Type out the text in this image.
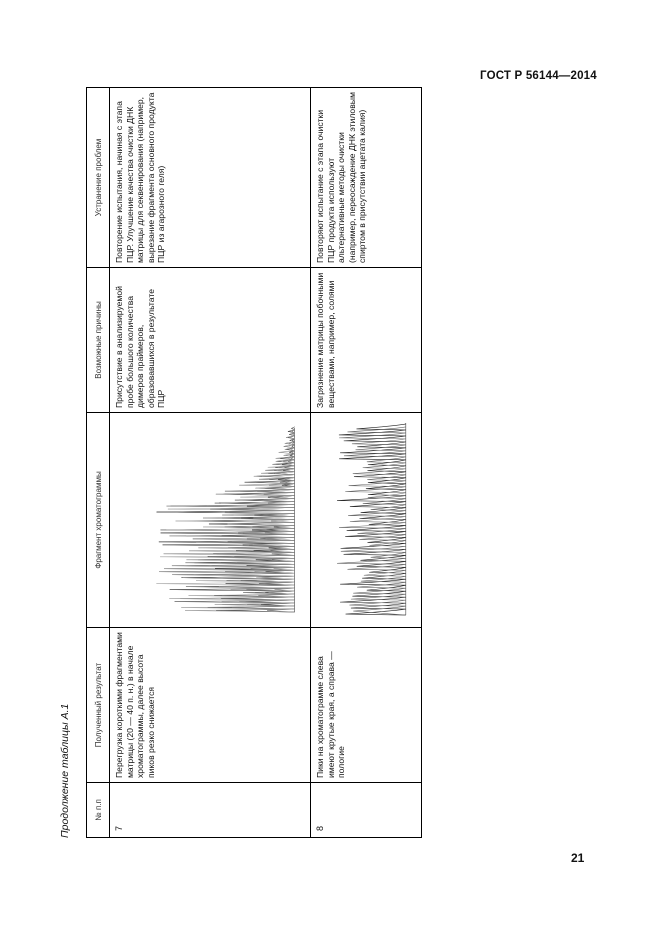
ГОСТ Р 56144—2014
Продолжение таблицы А.1	№ п.п	Полученный результат	Фрагмент хроматограммы	Возможные причины	Устранение проблем

7	Перегрузка короткими фрагментами матрицы (20 — 40 п. н.) в начале хроматограммы, далее высота пиков резко снижается		Присутствие в анализируемой пробе большого количества димеров праймеров, образовавшихся в результате ПЦР	Повторение испытания, начиная с этапа ПЦР. Улучшение качества очистки ДНК матрицы для секвенирования (например, вырезание фрагмента основного продукта ПЦР из агарозного геля)

8	Пики на хроматограмме слева имеют крутые края, а справа — пологие		Загрязнение матрицы побочными веществами, например, солями	Повторяют испытание с этапа очистки ПЦР продукта используют альтернативные методы очистки (например, переосаждение ДНК этиловым спиртом в присутствии ацетата калия)
21
